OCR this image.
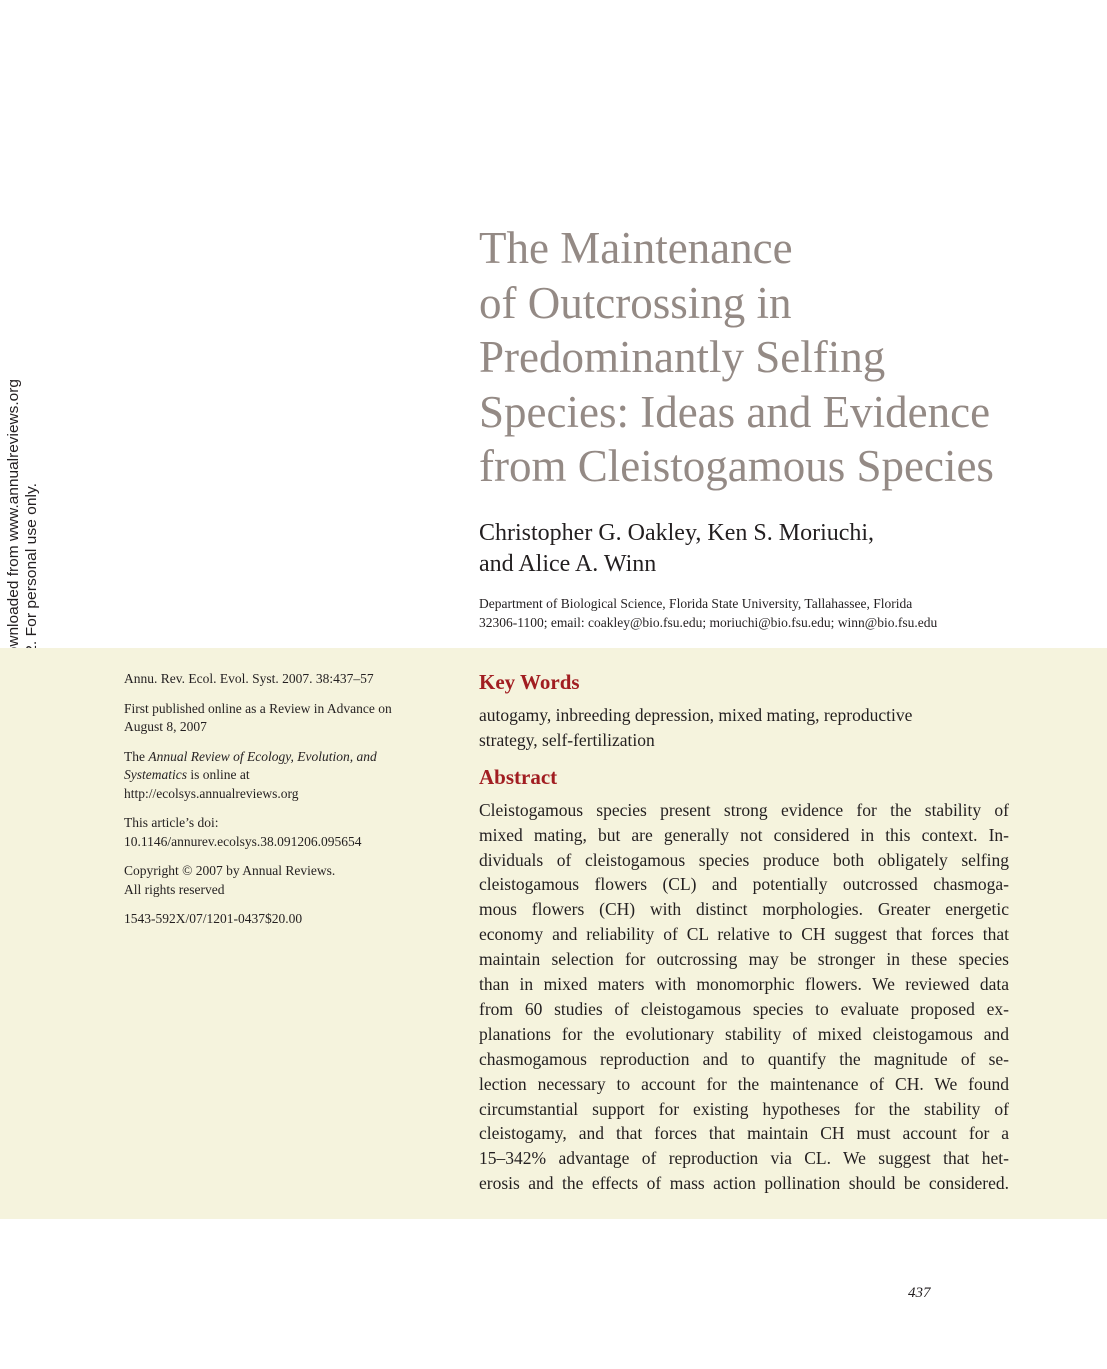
The Maintenance
of Outcrossing in
Predominantly Selfing
Species: Ideas and Evidence
from Cleistogamous Species
Christopher G. Oakley, Ken S. Moriuchi,
and Alice A. Winn
Department of Biological Science, Florida State University, Tallahassee, Florida
32306-1100; email: coakley@bio.fsu.edu; moriuchi@bio.fsu.edu; winn@bio.fsu.edu
Annu. Rev. Ecol. Evol. Syst. 2007. 38:437–57
First published online as a Review in Advance on
August 8, 2007
The Annual Review of Ecology, Evolution, and
Systematics is online at
http://ecolsys.annualreviews.org
This article’s doi:
10.1146/annurev.ecolsys.38.091206.095654
Copyright © 2007 by Annual Reviews.
All rights reserved
1543-592X/07/1201-0437$20.00
Key Words
autogamy, inbreeding depression, mixed mating, reproductive
strategy, self-fertilization
Abstract
Cleistogamous species present strong evidence for the stability of
mixed mating, but are generally not considered in this context. In-
dividuals of cleistogamous species produce both obligately selfing
cleistogamous flowers (CL) and potentially outcrossed chasmoga-
mous flowers (CH) with distinct morphologies. Greater energetic
economy and reliability of CL relative to CH suggest that forces that
maintain selection for outcrossing may be stronger in these species
than in mixed maters with monomorphic flowers. We reviewed data
from 60 studies of cleistogamous species to evaluate proposed ex-
planations for the evolutionary stability of mixed cleistogamous and
chasmogamous reproduction and to quantify the magnitude of se-
lection necessary to account for the maintenance of CH. We found
circumstantial support for existing hypotheses for the stability of
cleistogamy, and that forces that maintain CH must account for a
15–342% advantage of reproduction via CL. We suggest that het-
erosis and the effects of mass action pollination should be considered.
437
